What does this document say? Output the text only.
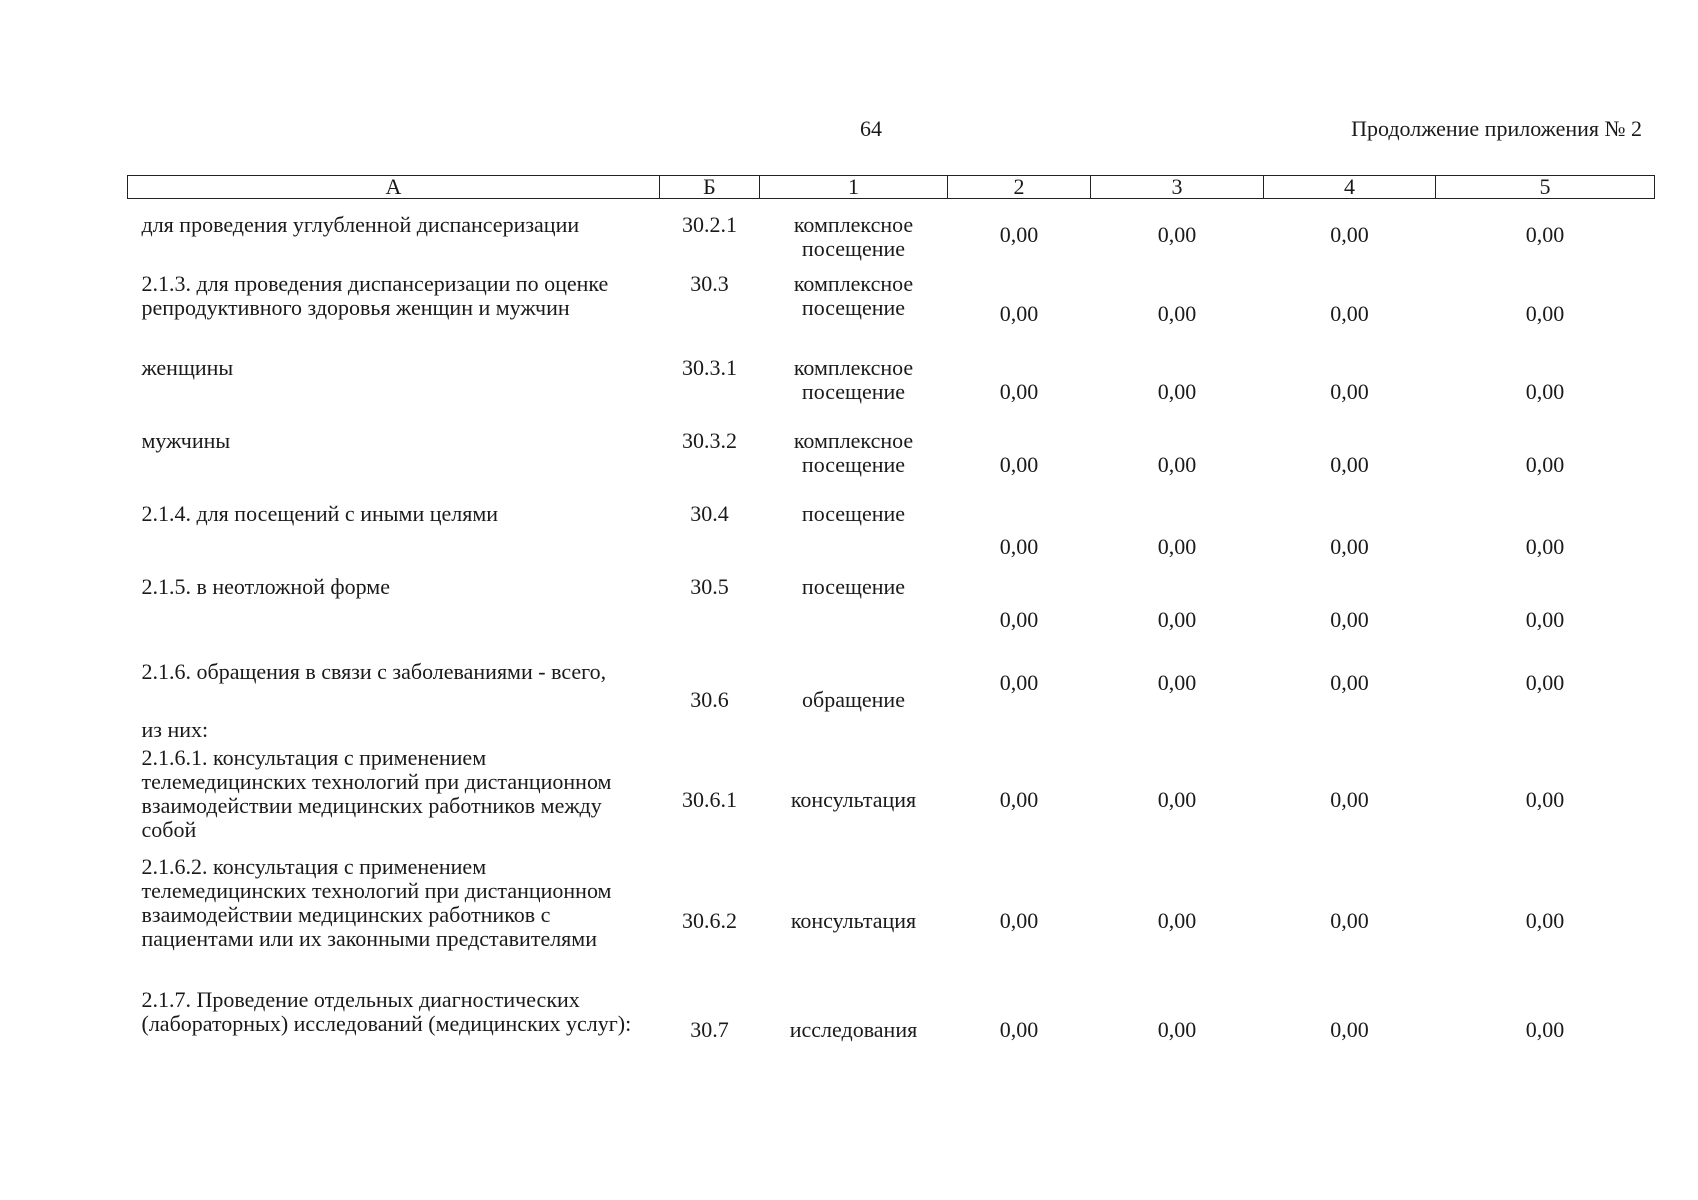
64	Продолжение приложения № 2
А	Б	1	2	3	4	5
для проведения углубленной диспансеризации	30.2.1	комплексное посещение	0,00	0,00	0,00	0,00
2.1.3. для проведения диспансеризации по оценке репродуктивного здоровья женщин и мужчин	30.3	комплексное посещение	0,00	0,00	0,00	0,00
женщины	30.3.1	комплексное посещение	0,00	0,00	0,00	0,00
мужчины	30.3.2	комплексное посещение	0,00	0,00	0,00	0,00
2.1.4. для посещений с иными целями	30.4	посещение	0,00	0,00	0,00	0,00
2.1.5. в неотложной форме	30.5	посещение	0,00	0,00	0,00	0,00
2.1.6. обращения в связи с заболеваниями - всего,	30.6	обращение	0,00	0,00	0,00	0,00
из них:						
2.1.6.1. консультация с применением телемедицинских технологий при дистанционном взаимодействии медицинских работников между собой	30.6.1	консультация	0,00	0,00	0,00	0,00
2.1.6.2. консультация с применением телемедицинских технологий при дистанционном взаимодействии медицинских работников с пациентами или их законными представителями	30.6.2	консультация	0,00	0,00	0,00	0,00
2.1.7. Проведение отдельных диагностических (лабораторных) исследований (медицинских услуг):	30.7	исследования	0,00	0,00	0,00	0,00
